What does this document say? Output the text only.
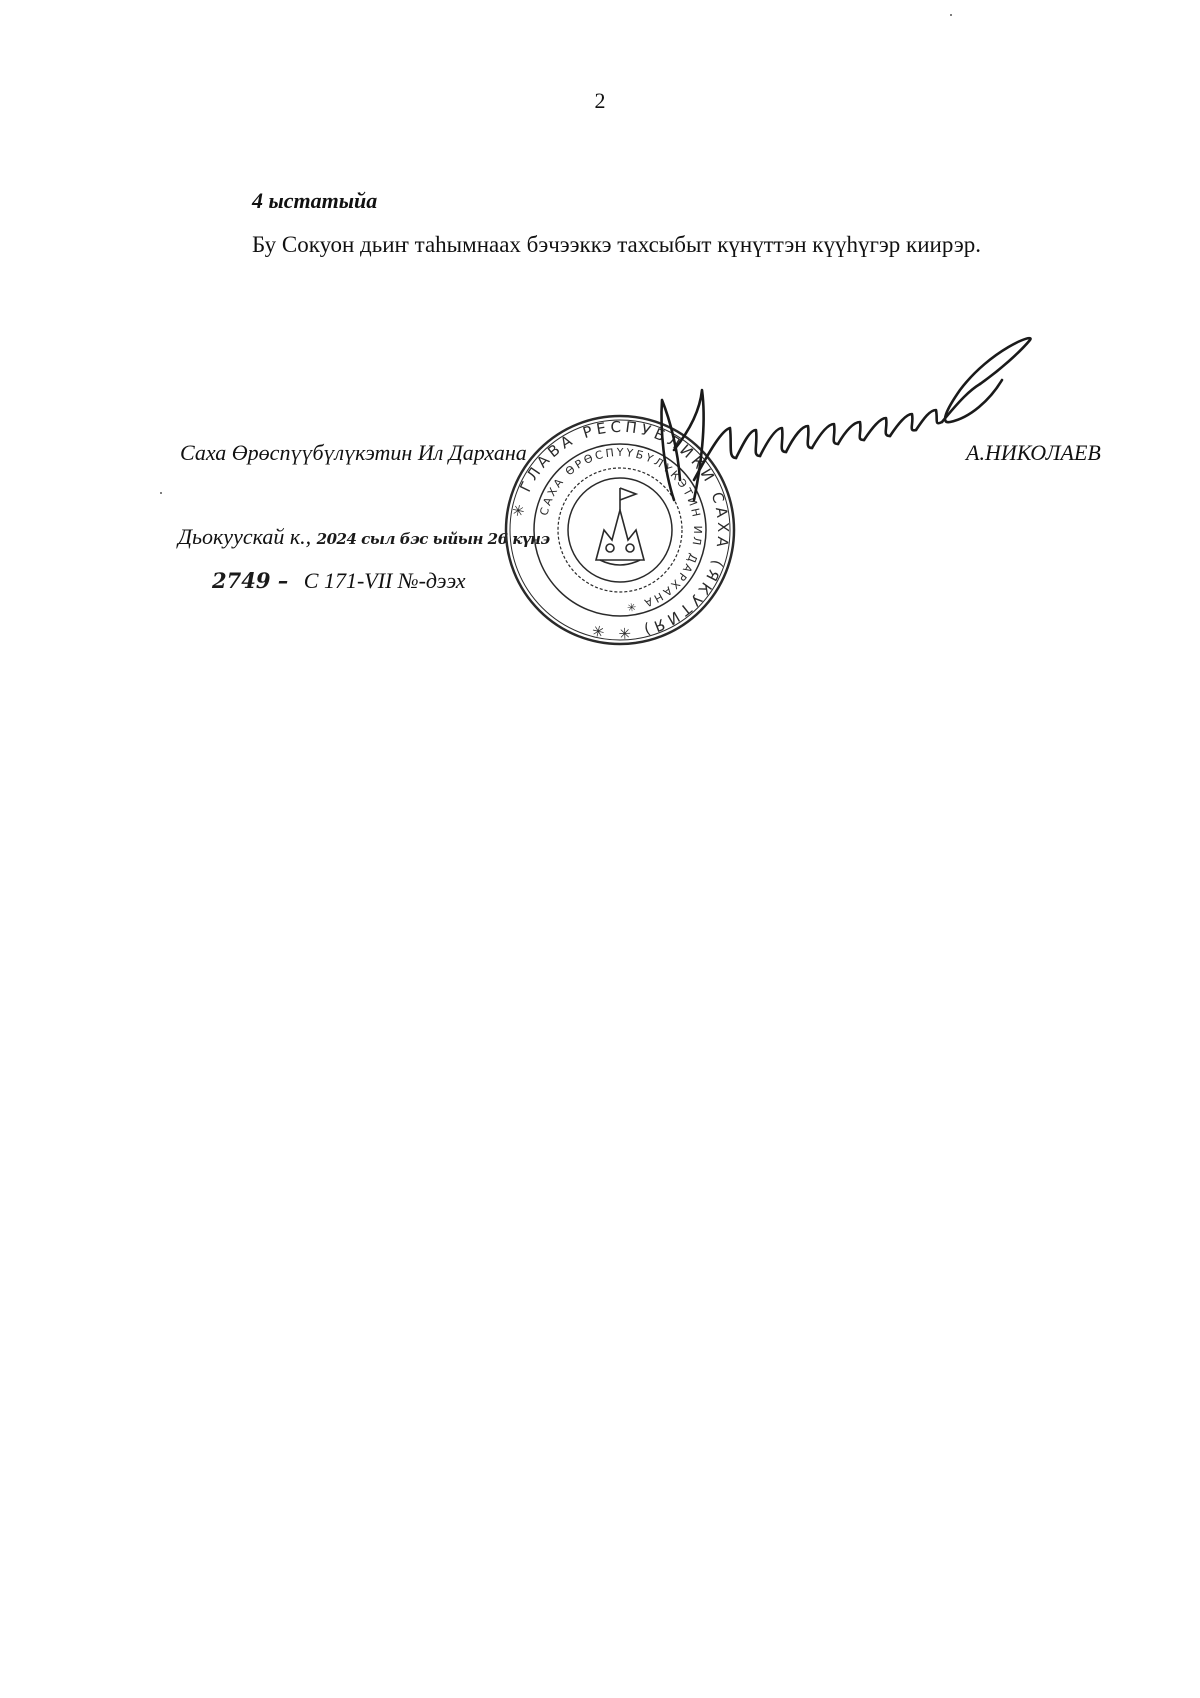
2
4 ыстатыйа
Бу Сокуон дьиҥ таһымнаах бэчээккэ тахсыбыт күнүттэн күүһүгэр киирэр.
Саха Өрөспүүбүлүкэтин Ил Дархана	А.НИКОЛАЕВ
Дьокуускай к., 2024 сыл бэс ыйын 26 күнэ
2749 – С 171-VII №-дээх
✳ ГЛАВА РЕСПУБЛИКИ САХА (ЯКУТИЯ) ✳ ✳
САХА ӨРӨСПҮҮБҮЛҮКЭТИН ИЛ ДАРХАНА ✳
